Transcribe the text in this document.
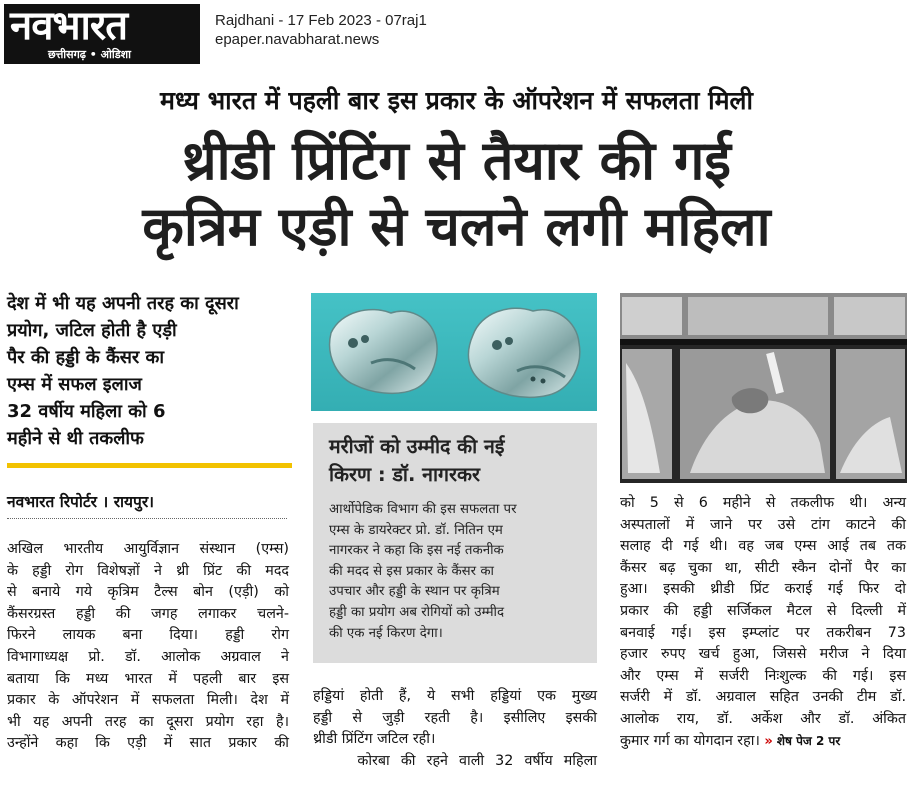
नवभारत
छत्तीसगढ़ • ओडिशा
Rajdhani - 17 Feb 2023 - 07raj1
epaper.navabharat.news
मध्य भारत में पहली बार इस प्रकार के ऑपरेशन में सफलता मिली
थ्रीडी प्रिंटिंग से तैयार की गई
कृत्रिम एड़ी से चलने लगी महिला
देश में भी यह अपनी तरह का दूसरा
प्रयोग, जटिल होती है एड़ी
पैर की हड्डी के कैंसर का
एम्स में सफल इलाज
32 वर्षीय महिला को 6
महीने से थी तकलीफ
नवभारत रिपोर्टर । रायपुर।
अखिल भारतीय आयुर्विज्ञान संस्थान (एम्स)
के हड्डी रोग विशेषज्ञों ने थ्री प्रिंट की मदद
से बनाये गये कृत्रिम टैल्स बोन (एड़ी) को
कैंसरग्रस्त हड्डी की जगह लगाकर चलने-
फिरने लायक बना दिया। हड्डी रोग
विभागाध्यक्ष प्रो. डॉ. आलोक अग्रवाल ने
बताया कि मध्य भारत में पहली बार इस
प्रकार के ऑपरेशन में सफलता मिली। देश में
भी यह अपनी तरह का दूसरा प्रयोग रहा है।
उन्होंने कहा कि एड़ी में सात प्रकार की
मरीजों को उम्मीद की नई
किरण : डॉ. नागरकर
आर्थोपेडिक विभाग की इस सफलता पर
एम्स के डायरेक्टर प्रो. डॉ. नितिन एम
नागरकर ने कहा कि इस नई तकनीक
की मदद से इस प्रकार के कैंसर का
उपचार और हड्डी के स्थान पर कृत्रिम
हड्डी का प्रयोग अब रोगियों को उम्मीद
की एक नई किरण देगा।
हड्डियां होती हैं, ये सभी हड्डियां एक मुख्य
हड्डी से जुड़ी रहती है। इसीलिए इसकी
थ्रीडी प्रिंटिंग जटिल रही।
कोरबा की रहने वाली 32 वर्षीय महिला
को 5 से 6 महीने से तकलीफ थी। अन्य
अस्पतालों में जाने पर उसे टांग काटने की
सलाह दी गई थी। वह जब एम्स आई तब तक
कैंसर बढ़ चुका था, सीटी स्कैन दोनों पैर का
हुआ। इसकी थ्रीडी प्रिंट कराई गई फिर दो
प्रकार की हड्डी सर्जिकल मैटल से दिल्ली में
बनवाई गई। इस इम्प्लांट पर तकरीबन 73
हजार रुपए खर्च हुआ, जिससे मरीज ने दिया
और एम्स में सर्जरी निःशुल्क की गई। इस
सर्जरी में डॉ. अग्रवाल सहित उनकी टीम डॉ.
आलोक राय, डॉ. अर्केश और डॉ. अंकित
कुमार गर्ग का योगदान रहा। » शेष पेज 2 पर
